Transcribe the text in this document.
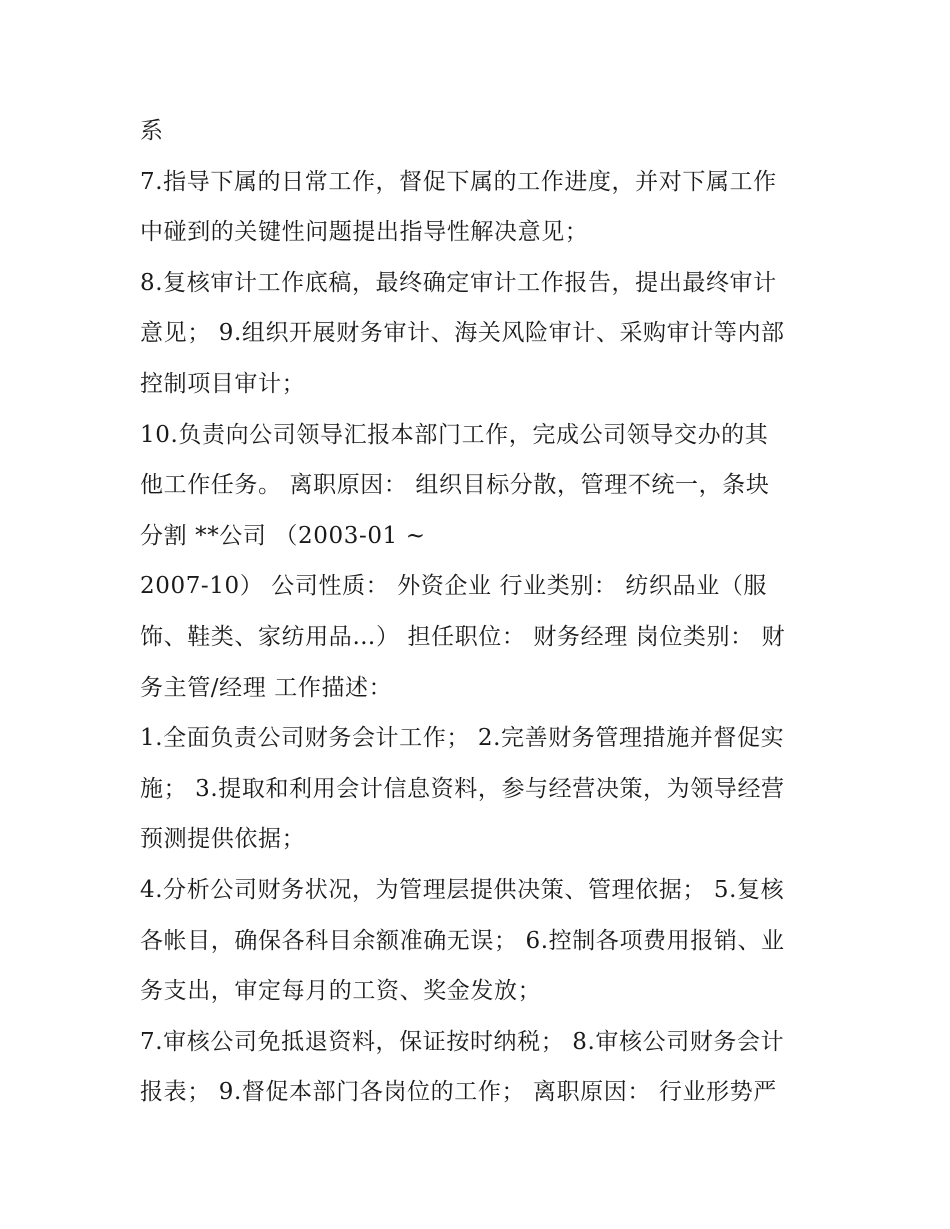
系
7.指导下属的日常工作，督促下属的工作进度，并对下属工作
中碰到的关键性问题提出指导性解决意见；
8.复核审计工作底稿，最终确定审计工作报告，提出最终审计
意见； 9.组织开展财务审计、海关风险审计、采购审计等内部
控制项目审计；
10.负责向公司领导汇报本部门工作，完成公司领导交办的其
他工作任务。 离职原因： 组织目标分散，管理不统一，条块
分割 **公司 （2003-01 ~
2007-10） 公司性质： 外资企业 行业类别： 纺织品业（服
饰、鞋类、家纺用品…） 担任职位： 财务经理 岗位类别： 财
务主管/经理 工作描述：
1.全面负责公司财务会计工作； 2.完善财务管理措施并督促实
施； 3.提取和利用会计信息资料，参与经营决策，为领导经营
预测提供依据；
4.分析公司财务状况，为管理层提供决策、管理依据； 5.复核
各帐目，确保各科目余额准确无误； 6.控制各项费用报销、业
务支出，审定每月的工资、奖金发放；
7.审核公司免抵退资料，保证按时纳税； 8.审核公司财务会计
报表； 9.督促本部门各岗位的工作； 离职原因： 行业形势严
